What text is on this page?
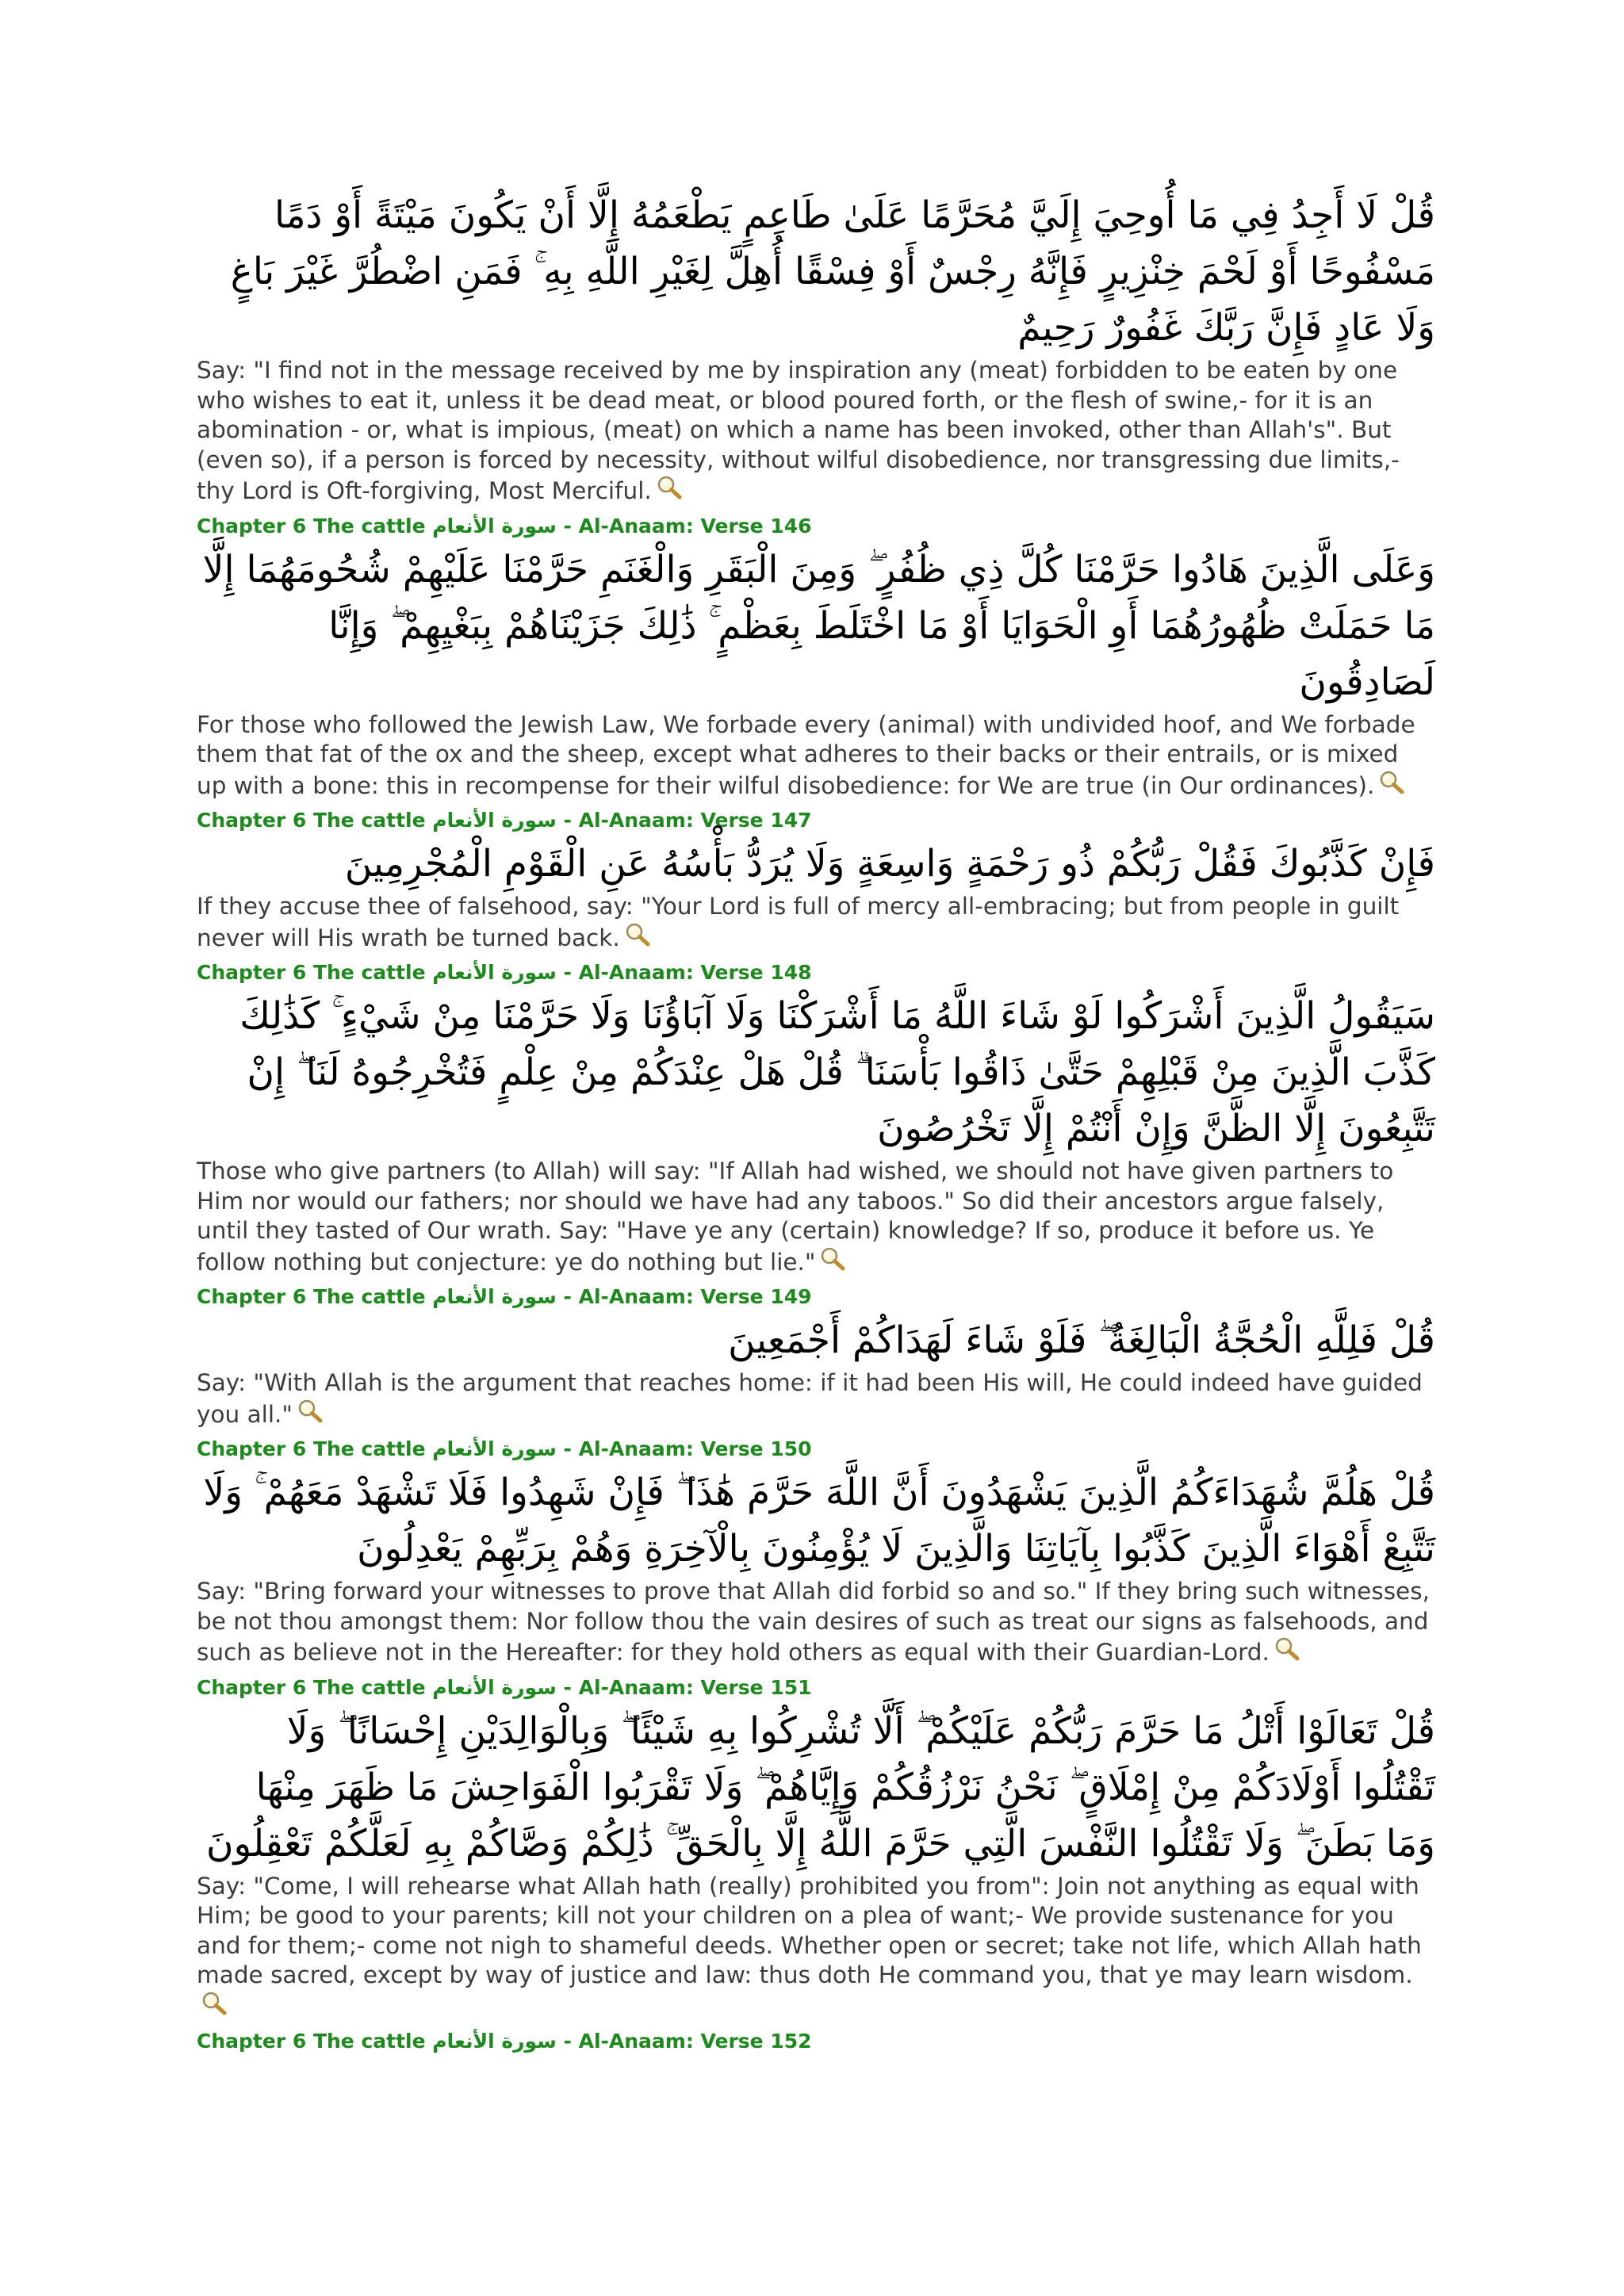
قُلْ لَا أَجِدُ فِي مَا أُوحِيَ إِلَيَّ مُحَرَّمًا عَلَىٰ طَاعِمٍ يَطْعَمُهُ إِلَّا أَنْ يَكُونَ مَيْتَةً أَوْ دَمًا مَسْفُوحًا أَوْ لَحْمَ خِنْزِيرٍ فَإِنَّهُ رِجْسٌ أَوْ فِسْقًا أُهِلَّ لِغَيْرِ اللَّهِ بِهِ ۚ فَمَنِ اضْطُرَّ غَيْرَ بَاغٍ وَلَا عَادٍ فَإِنَّ رَبَّكَ غَفُورٌ رَحِيمٌ

Say: "I find not in the message received by me by inspiration any (meat) forbidden to be eaten by one who wishes to eat it, unless it be dead meat, or blood poured forth, or the flesh of swine,- for it is an abomination - or, what is impious, (meat) on which a name has been invoked, other than Allah's". But (even so), if a person is forced by necessity, without wilful disobedience, nor transgressing due limits,- thy Lord is Oft-forgiving, Most Merciful.

Chapter 6 The cattle سورة الأنعام - Al-Anaam: Verse 146

وَعَلَى الَّذِينَ هَادُوا حَرَّمْنَا كُلَّ ذِي ظُفُرٍ ۖ وَمِنَ الْبَقَرِ وَالْغَنَمِ حَرَّمْنَا عَلَيْهِمْ شُحُومَهُمَا إِلَّا مَا حَمَلَتْ ظُهُورُهُمَا أَوِ الْحَوَايَا أَوْ مَا اخْتَلَطَ بِعَظْمٍ ۚ ذَٰلِكَ جَزَيْنَاهُمْ بِبَغْيِهِمْ ۖ وَإِنَّا لَصَادِقُونَ

For those who followed the Jewish Law, We forbade every (animal) with undivided hoof, and We forbade them that fat of the ox and the sheep, except what adheres to their backs or their entrails, or is mixed up with a bone: this in recompense for their wilful disobedience: for We are true (in Our ordinances).

Chapter 6 The cattle سورة الأنعام - Al-Anaam: Verse 147

فَإِنْ كَذَّبُوكَ فَقُلْ رَبُّكُمْ ذُو رَحْمَةٍ وَاسِعَةٍ وَلَا يُرَدُّ بَأْسُهُ عَنِ الْقَوْمِ الْمُجْرِمِينَ

If they accuse thee of falsehood, say: "Your Lord is full of mercy all-embracing; but from people in guilt never will His wrath be turned back.

Chapter 6 The cattle سورة الأنعام - Al-Anaam: Verse 148

سَيَقُولُ الَّذِينَ أَشْرَكُوا لَوْ شَاءَ اللَّهُ مَا أَشْرَكْنَا وَلَا آبَاؤُنَا وَلَا حَرَّمْنَا مِنْ شَيْءٍ ۚ كَذَٰلِكَ كَذَّبَ الَّذِينَ مِنْ قَبْلِهِمْ حَتَّىٰ ذَاقُوا بَأْسَنَا ۗ قُلْ هَلْ عِنْدَكُمْ مِنْ عِلْمٍ فَتُخْرِجُوهُ لَنَا ۖ إِنْ تَتَّبِعُونَ إِلَّا الظَّنَّ وَإِنْ أَنْتُمْ إِلَّا تَخْرُصُونَ

Those who give partners (to Allah) will say: "If Allah had wished, we should not have given partners to Him nor would our fathers; nor should we have had any taboos." So did their ancestors argue falsely, until they tasted of Our wrath. Say: "Have ye any (certain) knowledge? If so, produce it before us. Ye follow nothing but conjecture: ye do nothing but lie."

Chapter 6 The cattle سورة الأنعام - Al-Anaam: Verse 149

قُلْ فَلِلَّهِ الْحُجَّةُ الْبَالِغَةُ ۖ فَلَوْ شَاءَ لَهَدَاكُمْ أَجْمَعِينَ

Say: "With Allah is the argument that reaches home: if it had been His will, He could indeed have guided you all."

Chapter 6 The cattle سورة الأنعام - Al-Anaam: Verse 150

قُلْ هَلُمَّ شُهَدَاءَكُمُ الَّذِينَ يَشْهَدُونَ أَنَّ اللَّهَ حَرَّمَ هَٰذَا ۖ فَإِنْ شَهِدُوا فَلَا تَشْهَدْ مَعَهُمْ ۚ وَلَا تَتَّبِعْ أَهْوَاءَ الَّذِينَ كَذَّبُوا بِآيَاتِنَا وَالَّذِينَ لَا يُؤْمِنُونَ بِالْآخِرَةِ وَهُمْ بِرَبِّهِمْ يَعْدِلُونَ

Say: "Bring forward your witnesses to prove that Allah did forbid so and so." If they bring such witnesses, be not thou amongst them: Nor follow thou the vain desires of such as treat our signs as falsehoods, and such as believe not in the Hereafter: for they hold others as equal with their Guardian-Lord.

Chapter 6 The cattle سورة الأنعام - Al-Anaam: Verse 151

قُلْ تَعَالَوْا أَتْلُ مَا حَرَّمَ رَبُّكُمْ عَلَيْكُمْ ۖ أَلَّا تُشْرِكُوا بِهِ شَيْئًا ۖ وَبِالْوَالِدَيْنِ إِحْسَانًا ۖ وَلَا تَقْتُلُوا أَوْلَادَكُمْ مِنْ إِمْلَاقٍ ۖ نَحْنُ نَرْزُقُكُمْ وَإِيَّاهُمْ ۖ وَلَا تَقْرَبُوا الْفَوَاحِشَ مَا ظَهَرَ مِنْهَا وَمَا بَطَنَ ۖ وَلَا تَقْتُلُوا النَّفْسَ الَّتِي حَرَّمَ اللَّهُ إِلَّا بِالْحَقِّ ۚ ذَٰلِكُمْ وَصَّاكُمْ بِهِ لَعَلَّكُمْ تَعْقِلُونَ

Say: "Come, I will rehearse what Allah hath (really) prohibited you from": Join not anything as equal with Him; be good to your parents; kill not your children on a plea of want;- We provide sustenance for you and for them;- come not nigh to shameful deeds. Whether open or secret; take not life, which Allah hath made sacred, except by way of justice and law: thus doth He command you, that ye may learn wisdom.

Chapter 6 The cattle سورة الأنعام - Al-Anaam: Verse 152
